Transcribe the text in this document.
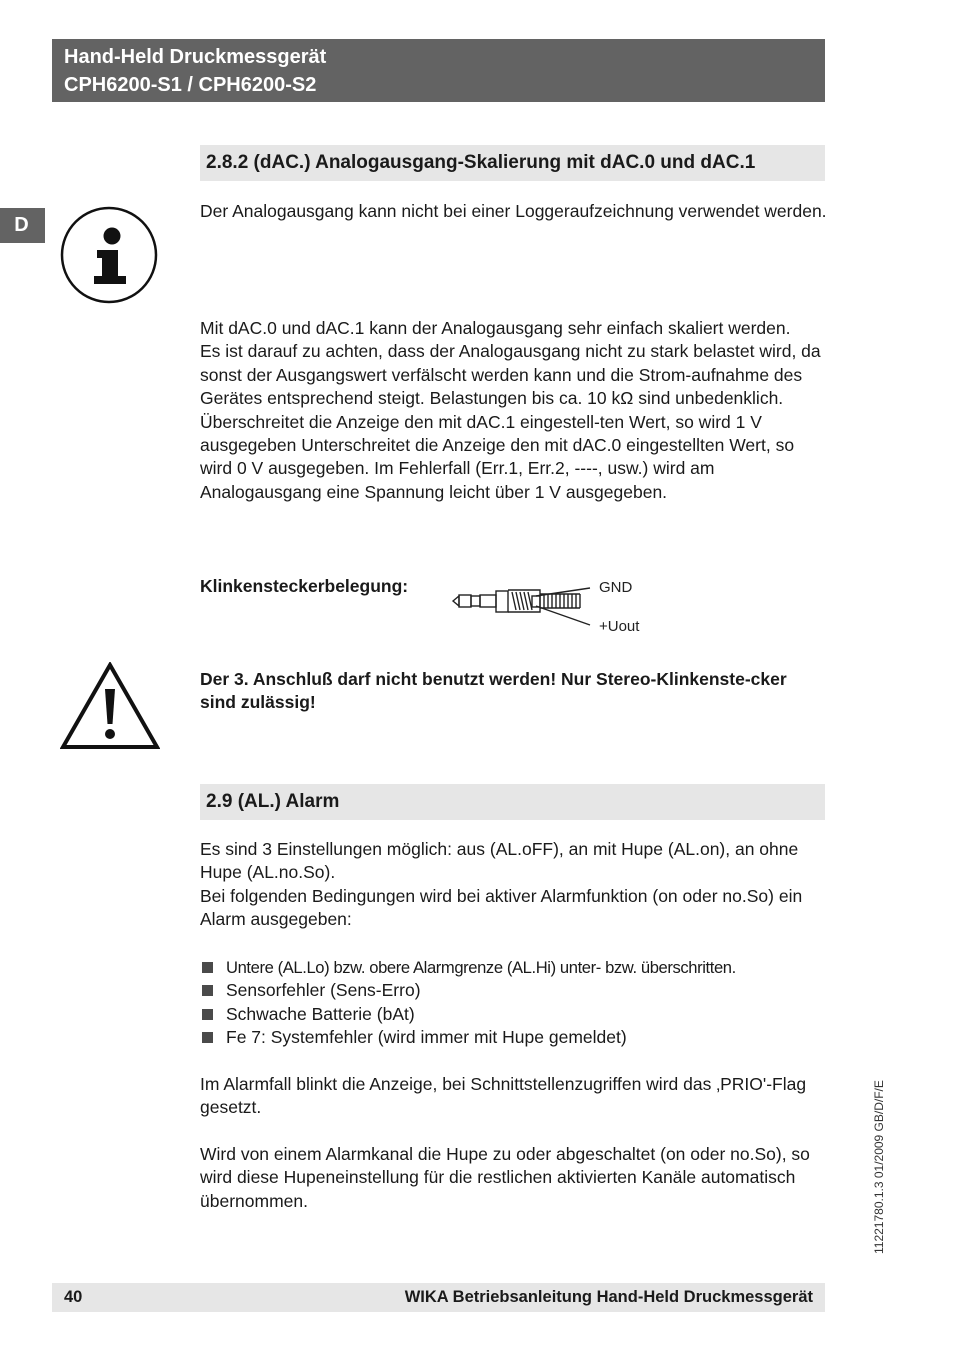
Hand-Held Druckmessgerät
CPH6200-S1 / CPH6200-S2
D
2.8.2 (dAC.) Analogausgang-Skalierung mit dAC.0 und dAC.1
Der Analogausgang kann nicht bei einer Loggeraufzeichnung verwendet werden.

Mit dAC.0 und dAC.1 kann der Analogausgang sehr einfach skaliert werden.

Es ist darauf zu achten, dass der Analogausgang nicht zu stark belastet wird, da sonst der Ausgangswert verfälscht werden kann und die Strom-aufnahme des Gerätes entsprechend steigt. Belastungen bis ca. 10 kΩ sind unbedenklich. Überschreitet die Anzeige den mit dAC.1 eingestell-ten Wert, so wird 1 V ausgegeben Unterschreitet die Anzeige den mit dAC.0 eingestellten Wert, so wird 0 V ausgegeben. Im Fehlerfall (Err.1, Err.2, ----, usw.) wird am Analogausgang eine Spannung leicht über 1 V ausgegeben.

Klinkensteckerbelegung:	GND
+Uout
Der 3. Anschluß darf nicht benutzt werden! Nur Stereo-Klinkenste-cker sind zulässig!
2.9 (AL.) Alarm

Es sind 3 Einstellungen möglich: aus (AL.oFF), an mit Hupe (AL.on), an ohne Hupe (AL.no.So).

Bei folgenden Bedingungen wird bei aktiver Alarmfunktion (on oder no.So) ein Alarm ausgegeben:

Untere (AL.Lo) bzw. obere Alarmgrenze (AL.Hi) unter- bzw. überschritten.
Sensorfehler (Sens-Erro)
Schwache Batterie (bAt)
Fe 7: Systemfehler (wird immer mit Hupe gemeldet)
Im Alarmfall blinkt die Anzeige, bei Schnittstellenzugriffen wird das ‚PRIO'-Flag gesetzt.
Wird von einem Alarmkanal die Hupe zu oder abgeschaltet (on oder no.So), so wird diese Hupeneinstellung für die restlichen aktivierten Kanäle automatisch übernommen.	11221780.1.3 01/2009 GB/D/F/E
40	WIKA Betriebsanleitung Hand-Held Druckmessgerät
